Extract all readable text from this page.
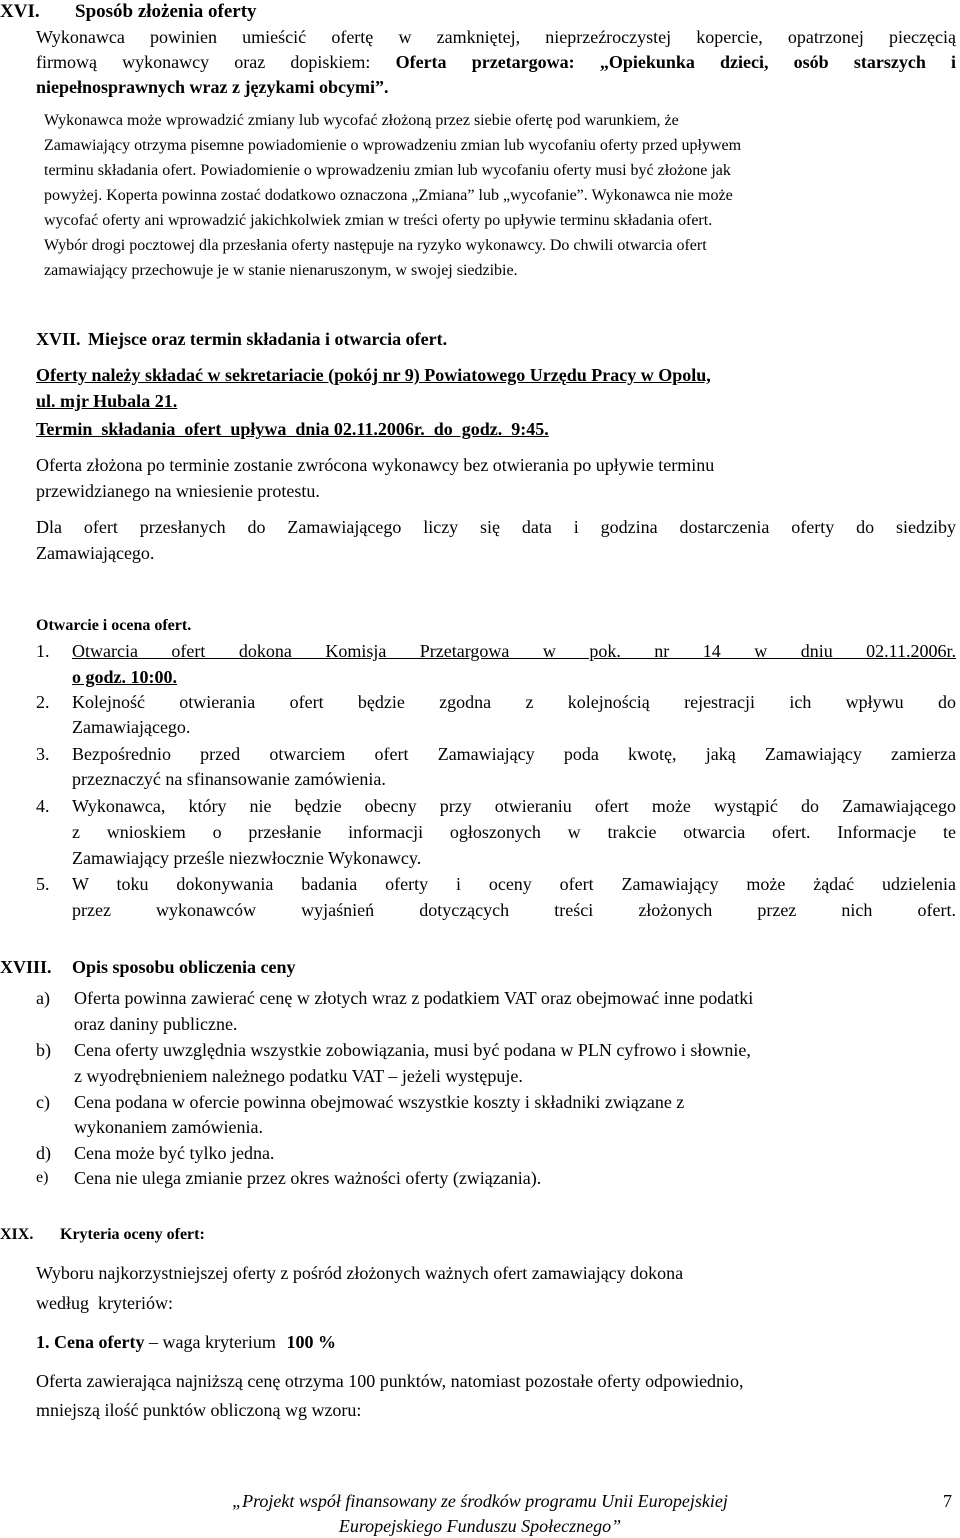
XVI. Sposób złożenia oferty
Wykonawca powinien umieścić ofertę w zamkniętej, nieprzeźroczystej kopercie, opatrzonej pieczęcią
firmową wykonawcy oraz dopiskiem: Oferta przetargowa: „Opiekunka dzieci, osób starszych i
niepełnosprawnych wraz z językami obcymi”.
Wykonawca może wprowadzić zmiany lub wycofać złożoną przez siebie ofertę pod warunkiem, że
Zamawiający otrzyma pisemne powiadomienie o wprowadzeniu zmian lub wycofaniu oferty przed upływem
terminu składania ofert. Powiadomienie o wprowadzeniu zmian lub wycofaniu oferty musi być złożone jak
powyżej. Koperta powinna zostać dodatkowo oznaczona „Zmiana” lub „wycofanie”. Wykonawca nie może
wycofać oferty ani wprowadzić jakichkolwiek zmian w treści oferty po upływie terminu składania ofert.
Wybór drogi pocztowej dla przesłania oferty następuje na ryzyko wykonawcy. Do chwili otwarcia ofert
zamawiający przechowuje je w stanie nienaruszonym, w swojej siedzibie.
XVII. Miejsce oraz termin składania i otwarcia ofert.
Oferty należy składać w sekretariacie (pokój nr 9) Powiatowego Urzędu Pracy w Opolu,
ul. mjr Hubala 21.
Termin  składania  ofert  upływa  dnia 02.11.2006r.  do  godz.  9:45.
Oferta złożona po terminie zostanie zwrócona wykonawcy bez otwierania po upływie terminu
przewidzianego na wniesienie protestu.
Dla ofert przesłanych do Zamawiającego liczy się data i godzina dostarczenia oferty do siedziby
Zamawiającego.
Otwarcie i ocena ofert.
1. Otwarcia ofert dokona Komisja Przetargowa w pok. nr 14 w dniu 02.11.2006r.
o godz. 10:00.
2. Kolejność otwierania ofert będzie zgodna z kolejnością rejestracji ich wpływu do
Zamawiającego.
3. Bezpośrednio przed otwarciem ofert Zamawiający poda kwotę, jaką Zamawiający zamierza
przeznaczyć na sfinansowanie zamówienia.
4. Wykonawca, który nie będzie obecny przy otwieraniu ofert może wystąpić do Zamawiającego
z wnioskiem o przesłanie informacji ogłoszonych w trakcie otwarcia ofert. Informacje te
Zamawiający prześle niezwłocznie Wykonawcy.
5. W toku dokonywania badania oferty i oceny ofert Zamawiający może żądać udzielenia
przez wykonawców wyjaśnień dotyczących treści złożonych przez nich ofert.
XVIII. Opis sposobu obliczenia ceny
a) Oferta powinna zawierać cenę w złotych wraz z podatkiem VAT oraz obejmować inne podatki
oraz daniny publiczne.
b) Cena oferty uwzględnia wszystkie zobowiązania, musi być podana w PLN cyfrowo i słownie,
z wyodrębnieniem należnego podatku VAT – jeżeli występuje.
c) Cena podana w ofercie powinna obejmować wszystkie koszty i składniki związane z
wykonaniem zamówienia.
d) Cena może być tylko jedna.
e) Cena nie ulega zmianie przez okres ważności oferty (związania).
XIX. Kryteria oceny ofert:
Wyboru najkorzystniejszej oferty z pośród złożonych ważnych ofert zamawiający dokona
według  kryteriów:
1. Cena oferty – waga kryterium 100 %
Oferta zawierająca najniższą cenę otrzyma 100 punktów, natomiast pozostałe oferty odpowiednio,
mniejszą ilość punktów obliczoną wg wzoru:
„Projekt współ finansowany ze środków programu Unii Europejskiej
Europejskiego Funduszu Społecznego”
7
